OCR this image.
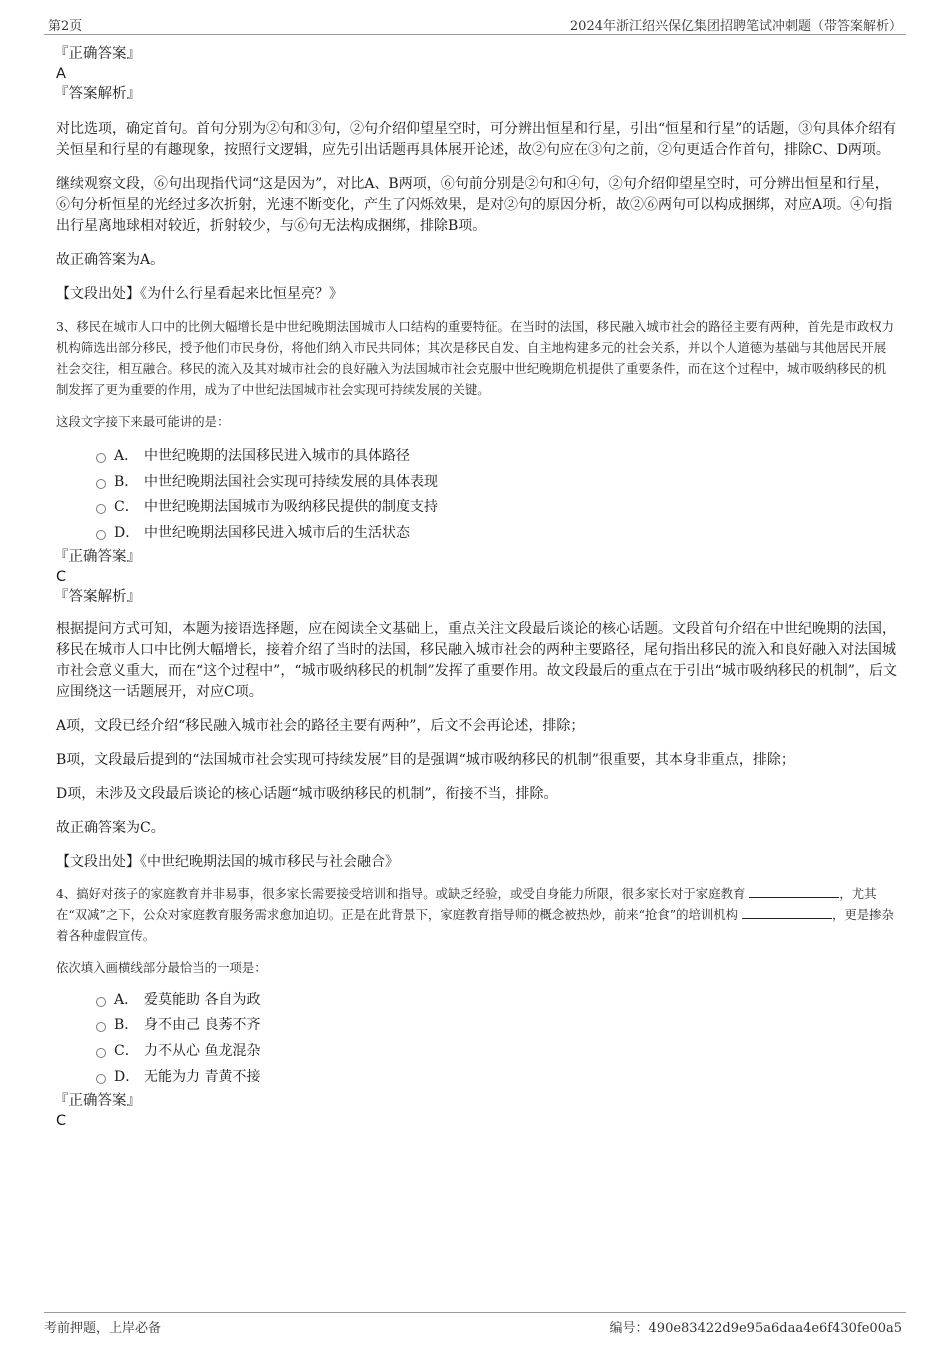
第2页	2024年浙江绍兴保亿集团招聘笔试冲刺题（带答案解析）
『正确答案』
A
『答案解析』

对比选项，确定首句。首句分别为②句和③句，②句介绍仰望星空时，可分辨出恒星和行星，引出“恒星和行星”的话题，③句具体介绍有关恒星和行星的有趣现象，按照行文逻辑，应先引出话题再具体展开论述，故②句应在③句之前，②句更适合作首句，排除C、D两项。

继续观察文段，⑥句出现指代词“这是因为”，对比A、B两项，⑥句前分别是②句和④句，②句介绍仰望星空时，可分辨出恒星和行星，⑥句分析恒星的光经过多次折射，光速不断变化，产生了闪烁效果，是对②句的原因分析，故②⑥两句可以构成捆绑，对应A项。④句指出行星离地球相对较近，折射较少，与⑥句无法构成捆绑，排除B项。

故正确答案为A。

【文段出处】《为什么行星看起来比恒星亮？》

3、移民在城市人口中的比例大幅增长是中世纪晚期法国城市人口结构的重要特征。在当时的法国，移民融入城市社会的路径主要有两种，首先是市政权力机构筛选出部分移民，授予他们市民身份，将他们纳入市民共同体；其次是移民自发、自主地构建多元的社会关系，并以个人道德为基础与其他居民开展社会交往，相互融合。移民的流入及其对城市社会的良好融入为法国城市社会克服中世纪晚期危机提供了重要条件，而在这个过程中，城市吸纳移民的机制发挥了更为重要的作用，成为了中世纪法国城市社会实现可持续发展的关键。

这段文字接下来最可能讲的是：
A． 中世纪晚期的法国移民进入城市的具体路径
B． 中世纪晚期法国社会实现可持续发展的具体表现
C． 中世纪晚期法国城市为吸纳移民提供的制度支持
D． 中世纪晚期法国移民进入城市后的生活状态
『正确答案』
C
『答案解析』

根据提问方式可知，本题为接语选择题，应在阅读全文基础上，重点关注文段最后谈论的核心话题。文段首句介绍在中世纪晚期的法国，移民在城市人口中比例大幅增长，接着介绍了当时的法国，移民融入城市社会的两种主要路径，尾句指出移民的流入和良好融入对法国城市社会意义重大，而在“这个过程中”，“城市吸纳移民的机制”发挥了重要作用。故文段最后的重点在于引出“城市吸纳移民的机制”，后文应围绕这一话题展开，对应C项。

A项，文段已经介绍“移民融入城市社会的路径主要有两种”，后文不会再论述，排除；

B项，文段最后提到的“法国城市社会实现可持续发展”目的是强调“城市吸纳移民的机制”很重要，其本身非重点，排除；

D项，未涉及文段最后谈论的核心话题“城市吸纳移民的机制”，衔接不当，排除。

故正确答案为C。

【文段出处】《中世纪晚期法国的城市移民与社会融合》

4、搞好对孩子的家庭教育并非易事，很多家长需要接受培训和指导。或缺乏经验，或受自身能力所限，很多家长对于家庭教育	，尤其在“双减”之下，公众对家庭教育服务需求愈加迫切。正是在此背景下，家庭教育指导师的概念被热炒，前来“抢食”的培训机构	，更是掺杂着各种虚假宣传。

依次填入画横线部分最恰当的一项是：
A． 爱莫能助 各自为政
B． 身不由己 良莠不齐
C． 力不从心 鱼龙混杂
D． 无能为力 青黄不接
『正确答案』
C
考前押题，上岸必备	编号：490e83422d9e95a6daa4e6f430fe00a5
